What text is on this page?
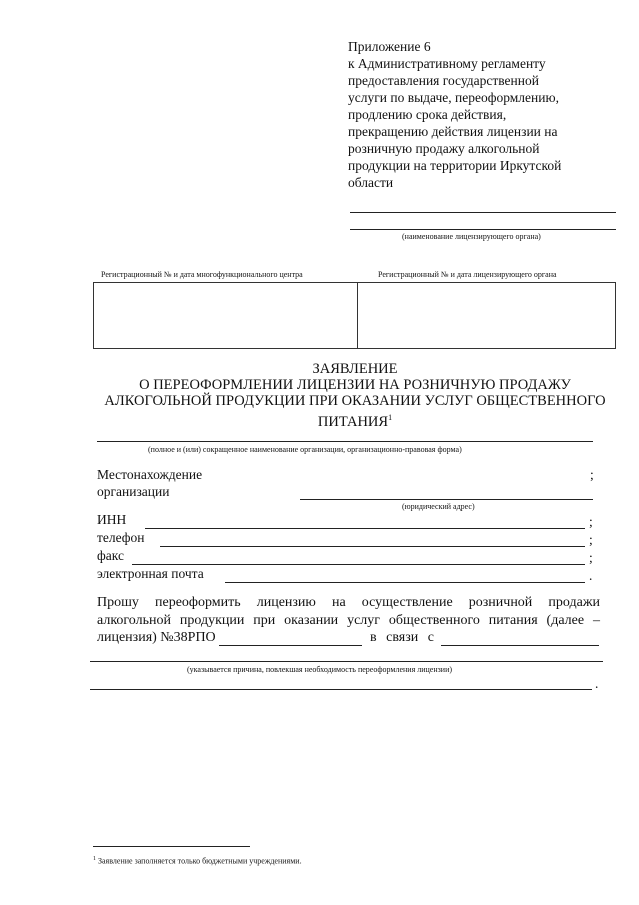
Приложение 6
к Административному регламенту
предоставления государственной
услуги по выдаче, переоформлению,
продлению срока действия,
прекращению действия лицензии на
розничную продажу алкогольной
продукции на территории Иркутской
области
(наименование лицензирующего органа)
Регистрационный № и дата многофункционального центра	Регистрационный № и дата лицензирующего органа
ЗАЯВЛЕНИЕ
О ПЕРЕОФОРМЛЕНИИ ЛИЦЕНЗИИ НА РОЗНИЧНУЮ ПРОДАЖУ
АЛКОГОЛЬНОЙ ПРОДУКЦИИ ПРИ ОКАЗАНИИ УСЛУГ ОБЩЕСТВЕННОГО
ПИТАНИЯ$^1$
(полное и (или) сокращенное наименование организации, организационно-правовая форма)
Местонахождение	;
организации
(юридический адрес)
ИНН	;
телефон	;
факс	;
электронная почта	.
Прошу переоформить лицензию на осуществление розничной продажи
алкогольной продукции при оказании услуг общественного питания (далее –
лицензия) №38РПО	в связи с
(указывается причина, повлекшая необходимость переоформления лицензии)
.
$^1$ Заявление заполняется только бюджетными учреждениями.
